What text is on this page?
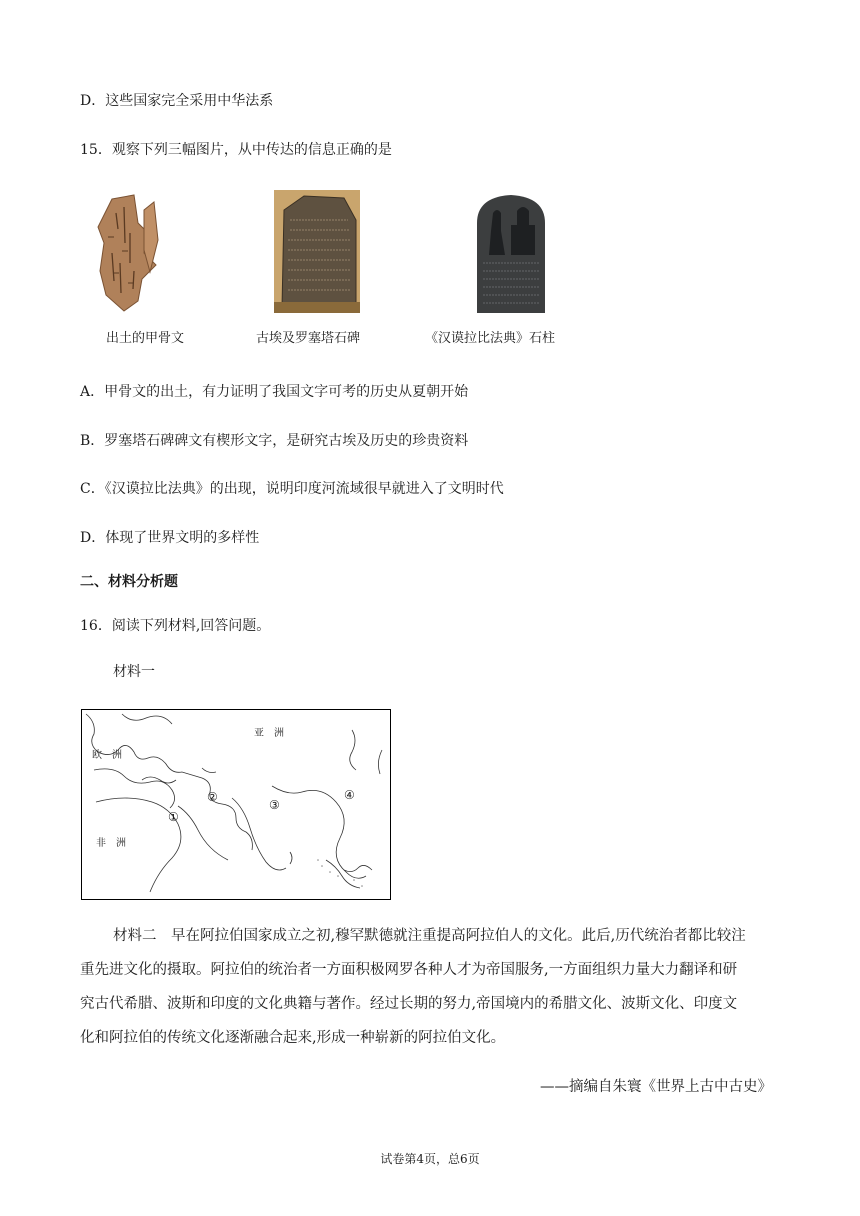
D．这些国家完全采用中华法系
15．观察下列三幅图片，从中传达的信息正确的是
出土的甲骨文	古埃及罗塞塔石碑	《汉谟拉比法典》石柱
A．甲骨文的出土，有力证明了我国文字可考的历史从夏朝开始
B．罗塞塔石碑碑文有楔形文字，是研究古埃及历史的珍贵资料
C．《汉谟拉比法典》的出现，说明印度河流域很早就进入了文明时代
D．体现了世界文明的多样性
二、材料分析题
16．阅读下列材料,回答问题。
材料一
亚　洲
欧　洲
非　洲
①
②
③
④

材料二　早在阿拉伯国家成立之初,穆罕默德就注重提高阿拉伯人的文化。此后,历代统治者都比较注

重先进文化的摄取。阿拉伯的统治者一方面积极网罗各种人才为帝国服务,一方面组织力量大力翻译和研

究古代希腊、波斯和印度的文化典籍与著作。经过长期的努力,帝国境内的希腊文化、波斯文化、印度文

化和阿拉伯的传统文化逐渐融合起来,形成一种崭新的阿拉伯文化。

——摘编自朱寰《世界上古中古史》
试卷第4页，总6页
